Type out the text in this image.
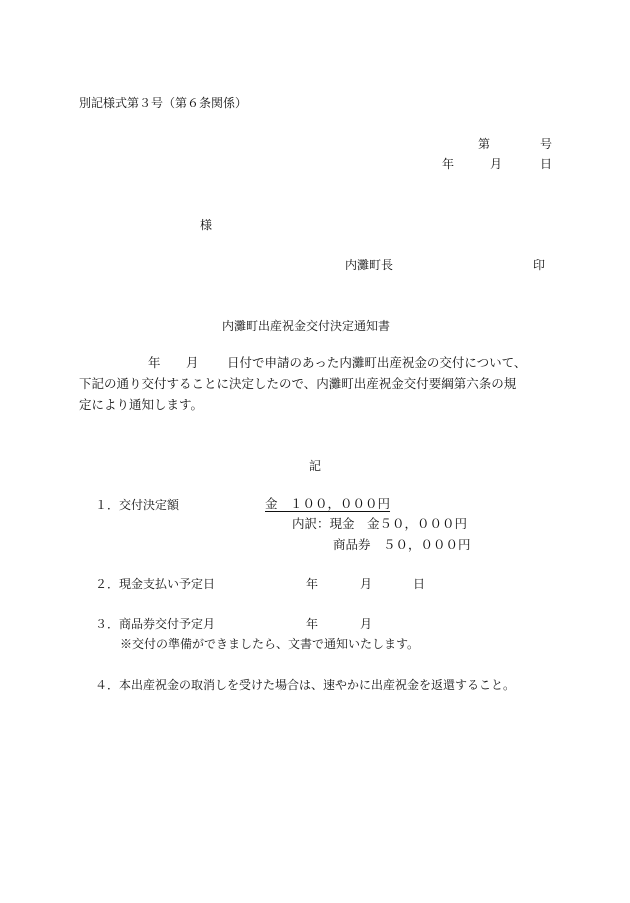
別記様式第３号（第６条関係）
第	号
年	月	日
様
内灘町長	印
内灘町出産祝金交付決定通知書
年 月 日付で申請のあった内灘町出産祝金の交付について、
下記の通り交付することに決定したので、内灘町出産祝金交付要綱第六条の規
定により通知します。
記
１．交付決定額	金　１００，０００円
内訳：現金　金５０，０００円
商品券　５０，０００円
２．現金支払い予定日	年	月	日
３．商品券交付予定月	年	月
※交付の準備ができましたら、文書で通知いたします。
４．本出産祝金の取消しを受けた場合は、速やかに出産祝金を返還すること。
